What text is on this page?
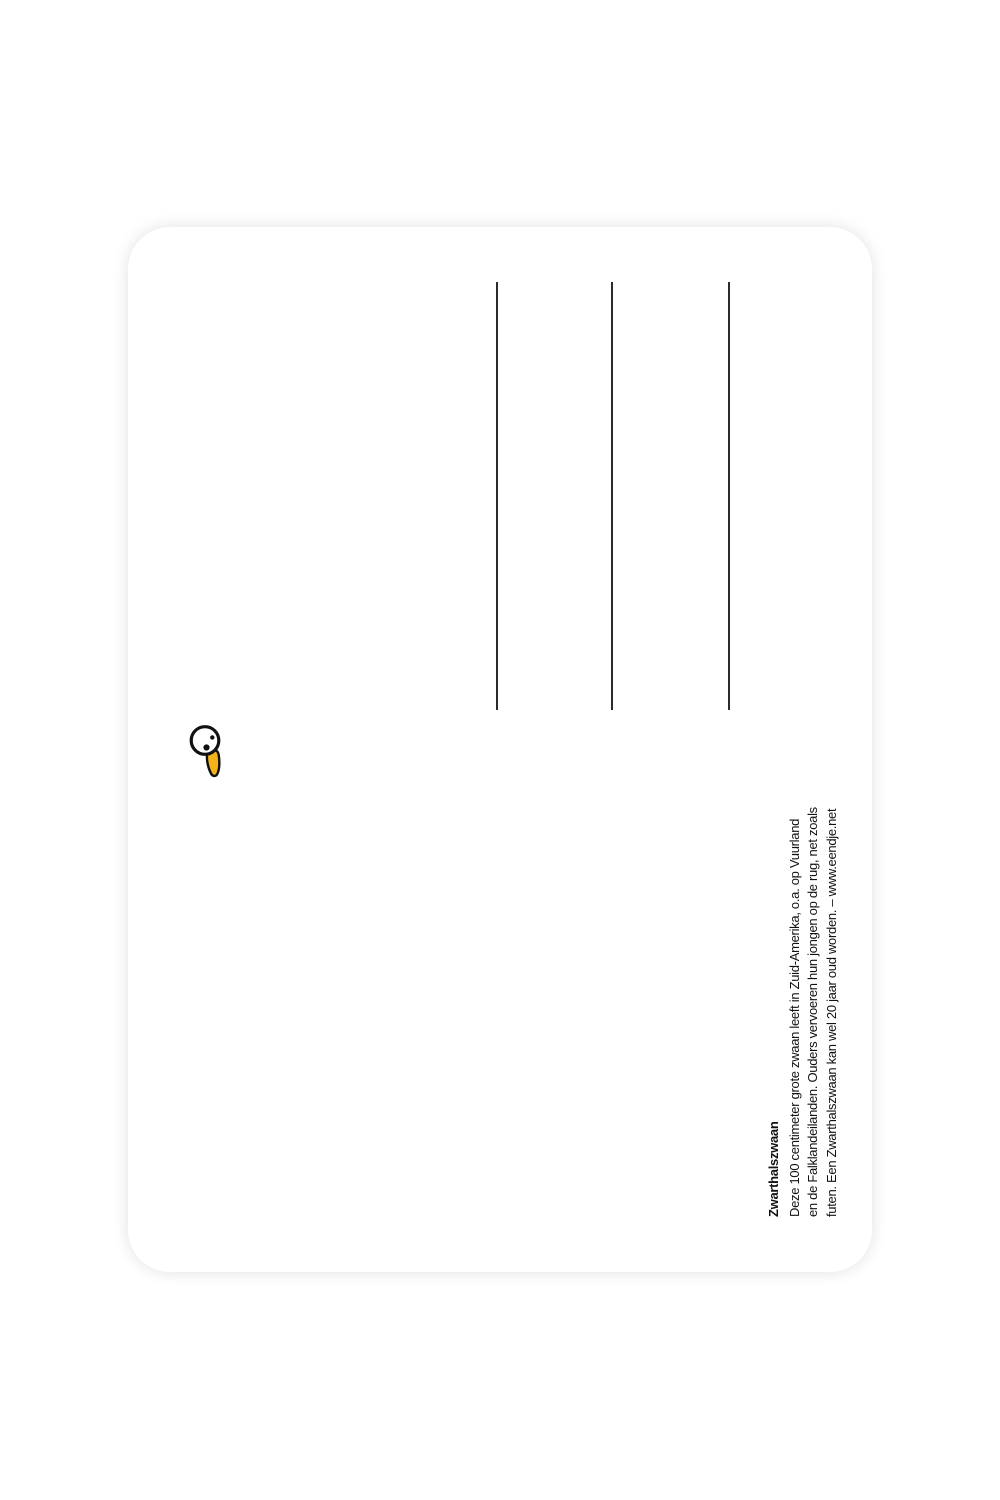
Zwarthalszwaan Deze 100 centimeter grote zwaan leeft in Zuid-Amerika, o.a. op Vuurland en de Falklandeilanden. Ouders vervoeren hun jongen op de rug, net zoals futen. Een Zwarthalszwaan kan wel 20 jaar oud worden. – www.eendje.net
